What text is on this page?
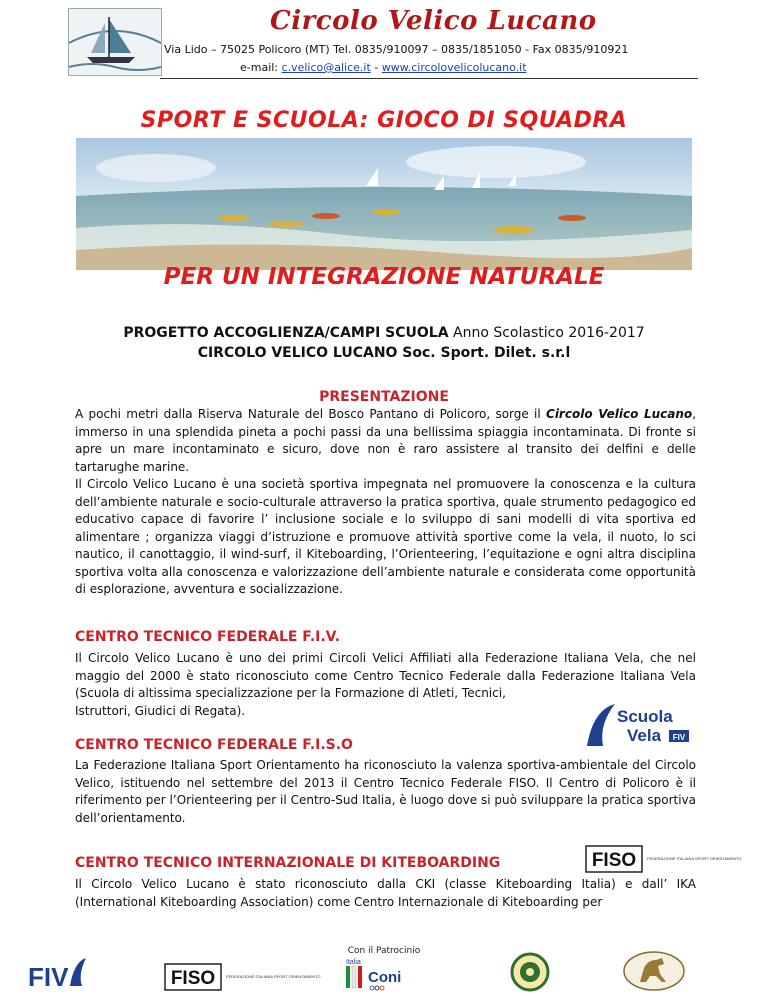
Circolo Velico Lucano
Via Lido – 75025 Policoro (MT) Tel. 0835/910097 – 0835/1851050 - Fax 0835/910921
e-mail: c.velico@alice.it - www.circolovelicolucano.it
SPORT E SCUOLA: GIOCO DI SQUADRA
PER UN INTEGRAZIONE NATURALE
PROGETTO ACCOGLIENZA/CAMPI SCUOLA Anno Scolastico 2016-2017
CIRCOLO VELICO LUCANO Soc. Sport. Dilet. s.r.l
PRESENTAZIONE
A pochi metri dalla Riserva Naturale del Bosco Pantano di Policoro, sorge il Circolo Velico Lucano, immerso in una splendida pineta a pochi passi da una bellissima spiaggia incontaminata. Di fronte si apre un mare incontaminato e sicuro, dove non è raro assistere al transito dei delfini e delle tartarughe marine.
Il Circolo Velico Lucano è una società sportiva impegnata nel promuovere la conoscenza e la cultura dell’ambiente naturale e socio-culturale attraverso la pratica sportiva, quale strumento pedagogico ed educativo capace di favorire l’ inclusione sociale e lo sviluppo di sani modelli di vita sportiva ed alimentare ; organizza viaggi d’istruzione e promuove attività sportive come la vela, il nuoto, lo sci nautico, il canottaggio, il wind-surf, il Kiteboarding, l’Orienteering, l’equitazione e ogni altra disciplina sportiva volta alla conoscenza e valorizzazione dell’ambiente naturale e considerata come opportunità di esplorazione, avventura e socializzazione.
CENTRO TECNICO FEDERALE F.I.V.
Il Circolo Velico Lucano è uno dei primi Circoli Velici Affiliati alla Federazione Italiana Vela, che nel maggio del 2000 è stato riconosciuto come Centro Tecnico Federale dalla Federazione Italiana Vela (Scuola di altissima specializzazione per la Formazione di Atleti, Tecnici,
Istruttori, Giudici di Regata).	Scuola
Vela FIV
CENTRO TECNICO FEDERALE F.I.S.O
La Federazione Italiana Sport Orientamento ha riconosciuto la valenza sportiva-ambientale del Circolo Velico, istituendo nel settembre del 2013 il Centro Tecnico Federale FISO. Il Centro di Policoro è il riferimento per l’Orienteering per il Centro-Sud Italia, è luogo dove si può sviluppare la pratica sportiva dell’orientamento.
FISO	FEDERAZIONE ITALIANA SPORT ORIENTAMENTO
CENTRO TECNICO INTERNAZIONALE DI KITEBOARDING
Il Circolo Velico Lucano è stato riconosciuto dalla CKI (classe Kiteboarding Italia) e dall’ IKA (International Kiteboarding Association) come Centro Internazionale di Kiteboarding per
Con il Patrocinio
FIV	FISO	FEDERAZIONE ITALIANA SPORT ORIENTAMENTO
Italia
Coni
